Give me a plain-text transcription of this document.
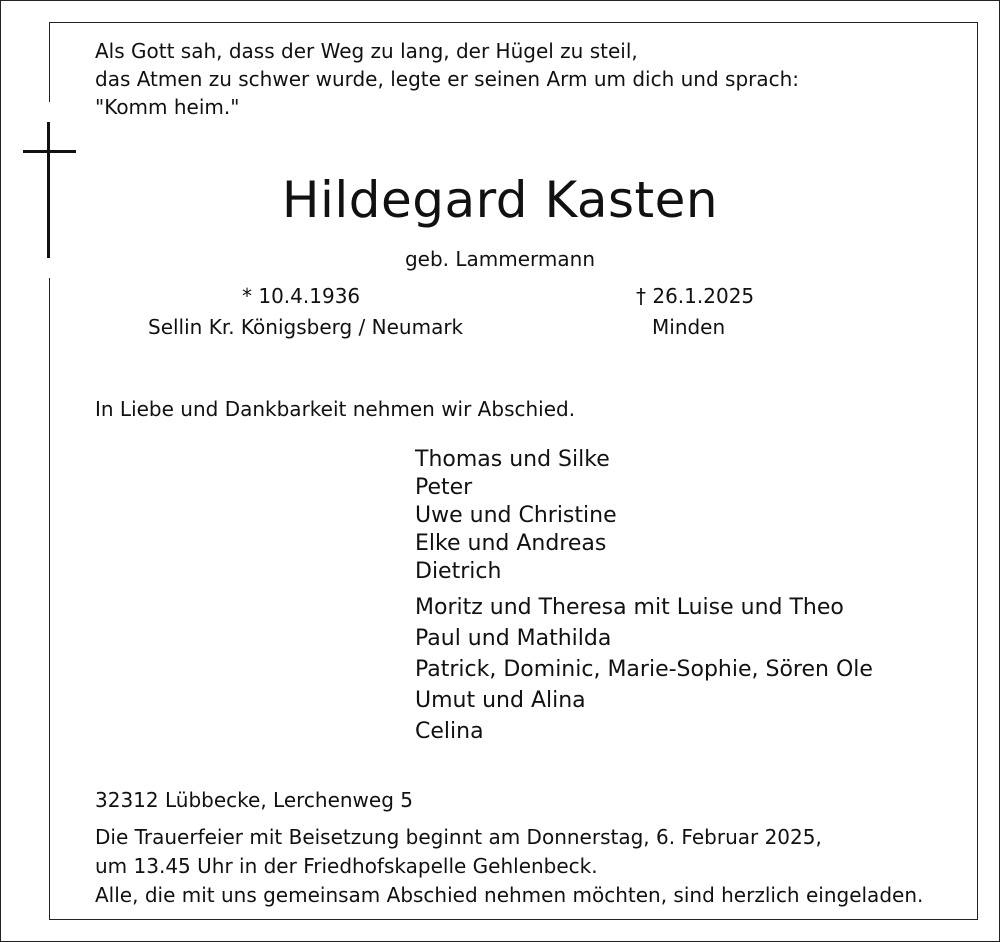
Als Gott sah, dass der Weg zu lang, der Hügel zu steil,
das Atmen zu schwer wurde, legte er seinen Arm um dich und sprach:
"Komm heim."
Hildegard Kasten
geb. Lammermann
* 10.4.1936
Sellin Kr. Königsberg / Neumark
† 26.1.2025
Minden
In Liebe und Dankbarkeit nehmen wir Abschied.
Thomas und Silke
Peter
Uwe und Christine
Elke und Andreas
Dietrich
Moritz und Theresa mit Luise und Theo
Paul und Mathilda
Patrick, Dominic, Marie-Sophie, Sören Ole
Umut und Alina
Celina
32312 Lübbecke, Lerchenweg 5
Die Trauerfeier mit Beisetzung beginnt am Donnerstag, 6. Februar 2025,
um 13.45 Uhr in der Friedhofskapelle Gehlenbeck.
Alle, die mit uns gemeinsam Abschied nehmen möchten, sind herzlich eingeladen.
